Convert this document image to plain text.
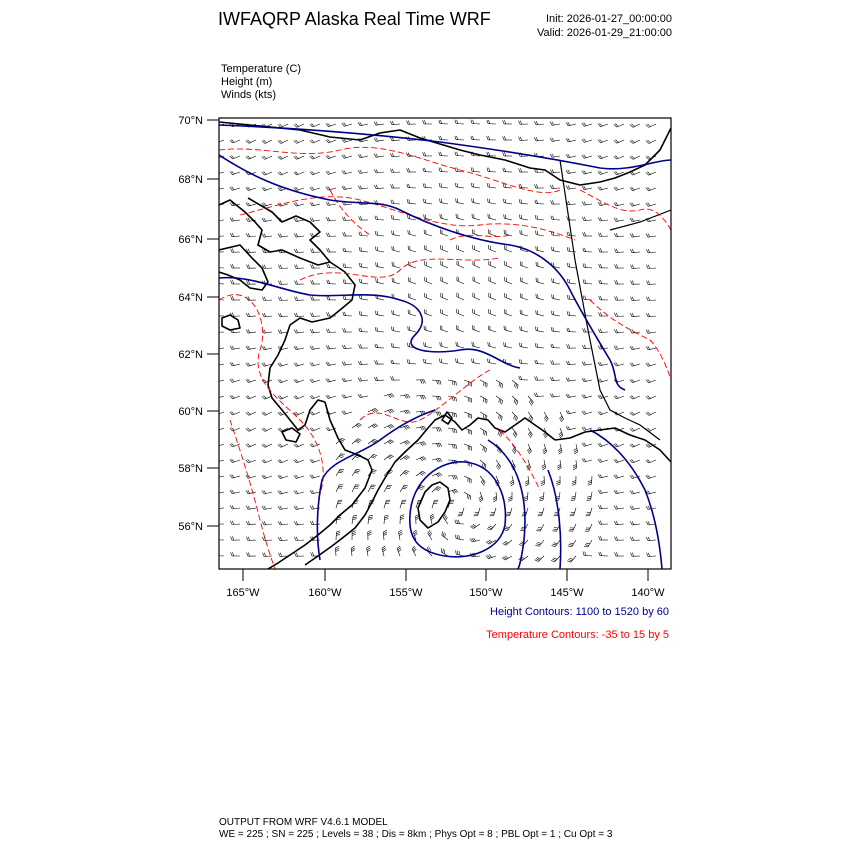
IWFAQRP Alaska Real Time WRF	Init: 2026-01-27_00:00:00
Valid: 2026-01-29_21:00:00
Temperature (C)
Height (m)
Winds (kts)
70°N
68°N
66°N
64°N
62°N
60°N
58°N
56°N
165°W	160°W	155°W	150°W	145°W	140°W
Height Contours: 1100 to 1520 by 60
Temperature Contours: -35 to 15 by 5
OUTPUT FROM WRF V4.6.1 MODEL
WE = 225 ; SN = 225 ; Levels = 38 ; Dis = 8km ; Phys Opt = 8 ; PBL Opt = 1 ; Cu Opt = 3
